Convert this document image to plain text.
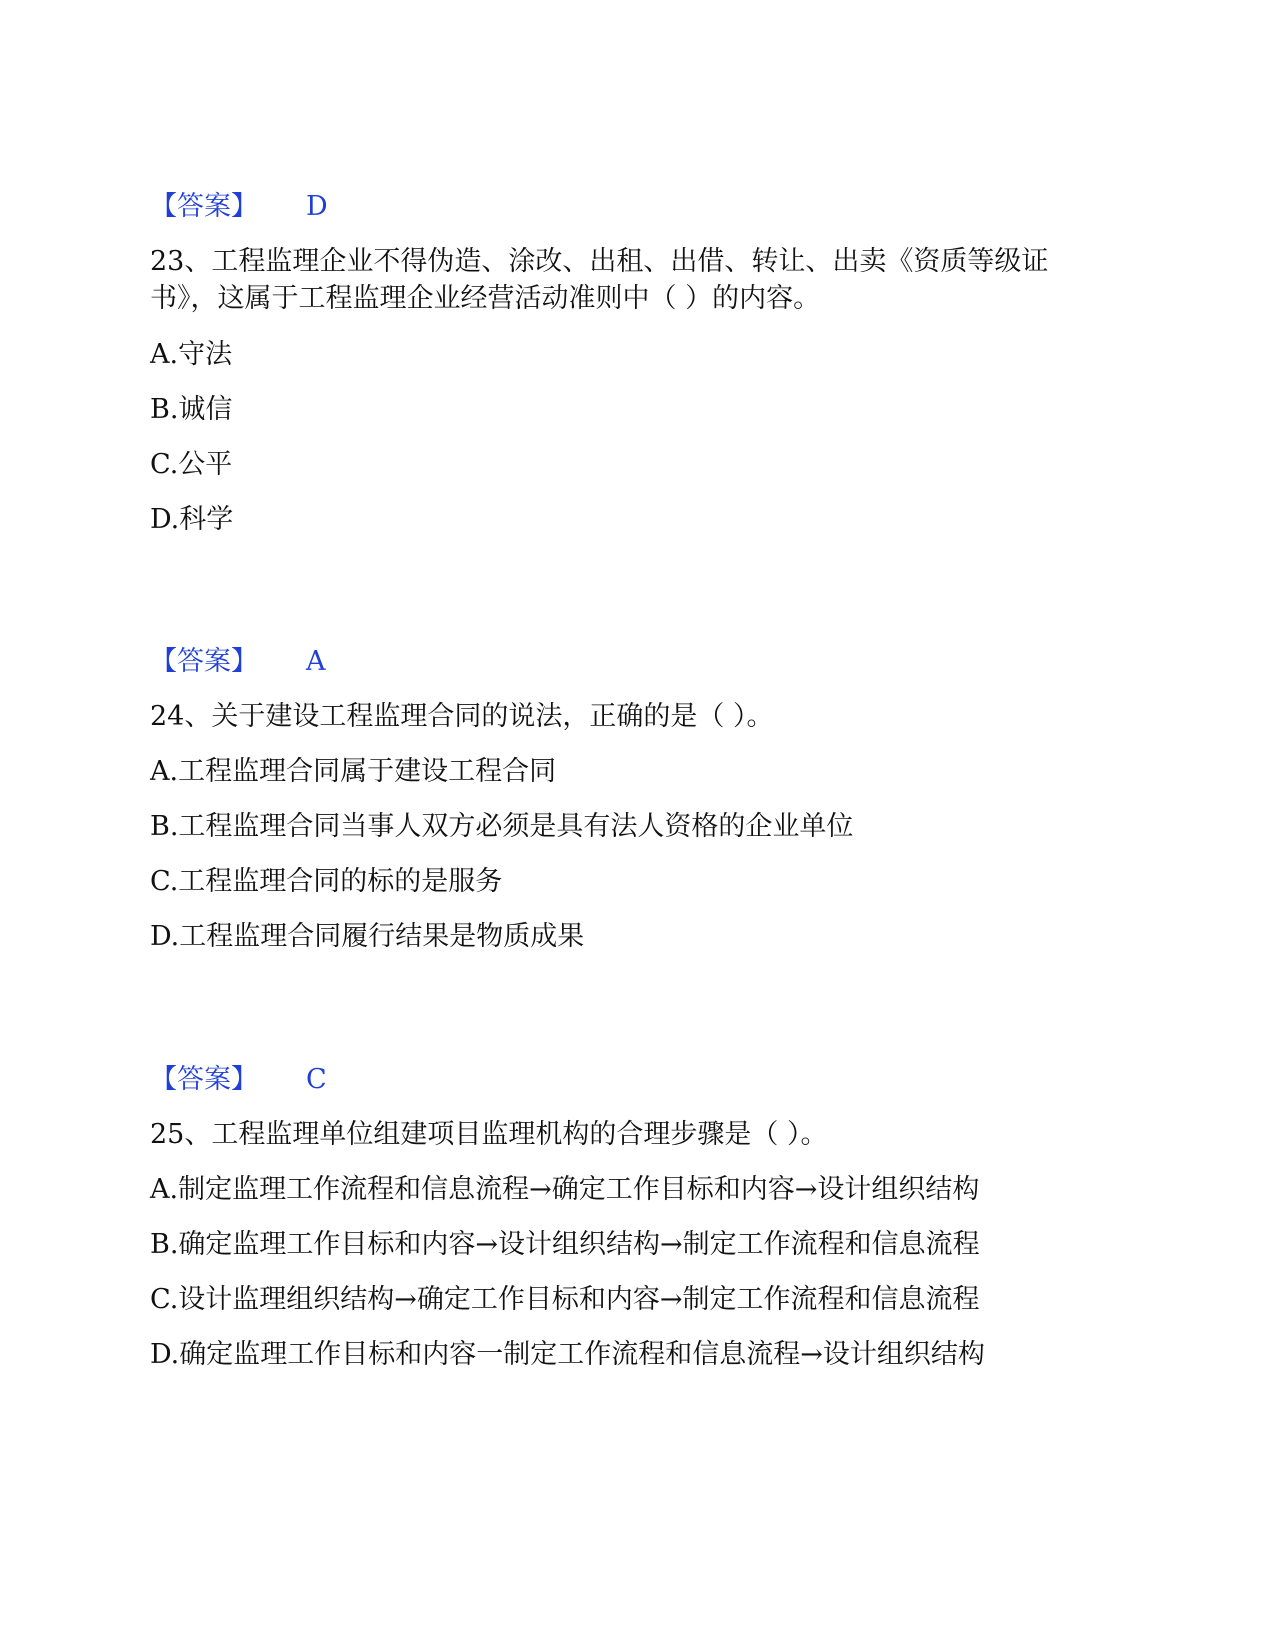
【答案】 D
23、工程监理企业不得伪造、涂改、出租、出借、转让、出卖《资质等级证
书》，这属于工程监理企业经营活动准则中（ ）的内容。
A.守法
B.诚信
C.公平
D.科学
【答案】 A
24、关于建设工程监理合同的说法，正确的是（ ）。
A.工程监理合同属于建设工程合同
B.工程监理合同当事人双方必须是具有法人资格的企业单位
C.工程监理合同的标的是服务
D.工程监理合同履行结果是物质成果
【答案】 C
25、工程监理单位组建项目监理机构的合理步骤是（ ）。
A.制定监理工作流程和信息流程→确定工作目标和内容→设计组织结构
B.确定监理工作目标和内容→设计组织结构→制定工作流程和信息流程
C.设计监理组织结构→确定工作目标和内容→制定工作流程和信息流程
D.确定监理工作目标和内容一制定工作流程和信息流程→设计组织结构
